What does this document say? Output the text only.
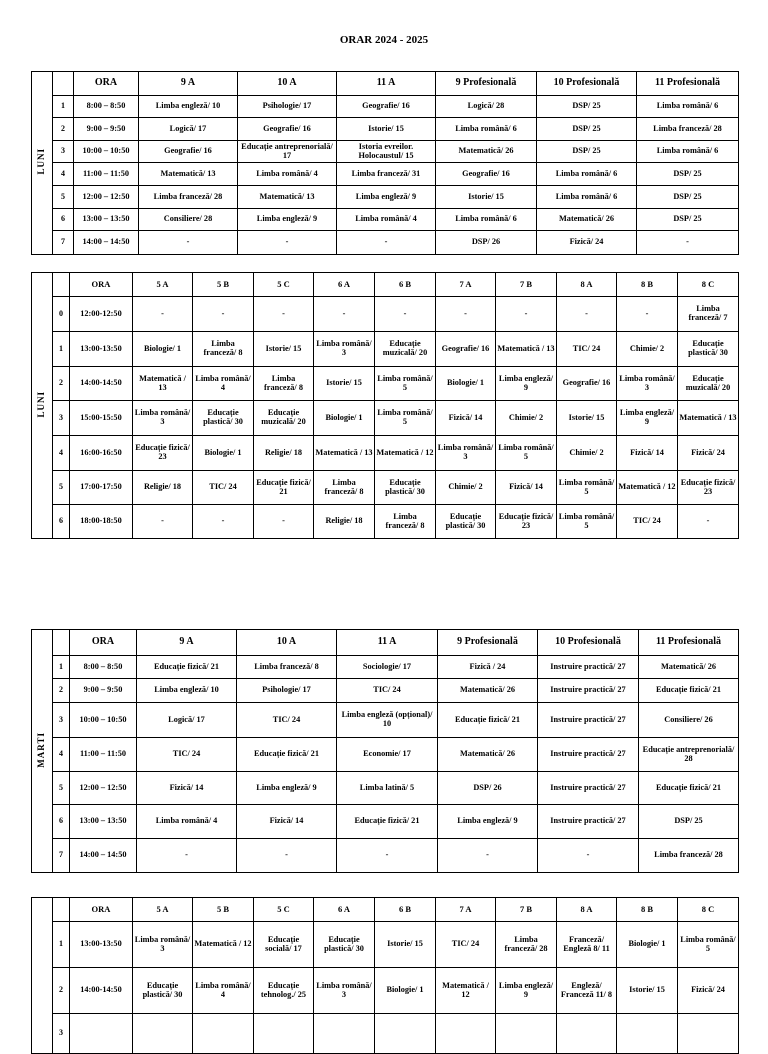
ORAR 2024 - 2025
LUNI		ORA	9 A	10 A	11 A	9 Profesională	10 Profesională	11 Profesională
	1	8:00 – 8:50	Limba engleză/ 10	Psihologie/ 17	Geografie/ 16	Logică/ 28	DSP/ 25	Limba română/ 6
	2	9:00 – 9:50	Logică/ 17	Geografie/ 16	Istorie/ 15	Limba română/ 6	DSP/ 25	Limba franceză/ 28
	3	10:00 – 10:50	Geografie/ 16	Educație antreprenorială/ 17	Istoria evreilor. Holocaustul/ 15	Matematică/ 26	DSP/ 25	Limba română/ 6
	4	11:00 – 11:50	Matematică/ 13	Limba română/ 4	Limba franceză/ 31	Geografie/ 16	Limba română/ 6	DSP/ 25
	5	12:00 – 12:50	Limba franceză/ 28	Matematică/ 13	Limba engleză/ 9	Istorie/ 15	Limba română/ 6	DSP/ 25
	6	13:00 – 13:50	Consiliere/ 28	Limba engleză/ 9	Limba română/ 4	Limba română/ 6	Matematică/ 26	DSP/ 25
	7	14:00 – 14:50	-	-	-	DSP/ 26	Fizică/ 24	-
LUNI		ORA	5 A	5 B	5 C	6 A	6 B	7 A	7 B	8 A	8 B	8 C
	0	12:00-12:50	-	-	-	-	-	-	-	-	-	Limba franceză/ 7
	1	13:00-13:50	Biologie/ 1	Limba franceză/ 8	Istorie/ 15	Limba română/ 3	Educație muzicală/ 20	Geografie/ 16	Matematică / 13	TIC/ 24	Chimie/ 2	Educație plastică/ 30
	2	14:00-14:50	Matematică / 13	Limba română/ 4	Limba franceză/ 8	Istorie/ 15	Limba română/ 5	Biologie/ 1	Limba engleză/ 9	Geografie/ 16	Limba română/ 3	Educație muzicală/ 20
	3	15:00-15:50	Limba română/ 3	Educație plastică/ 30	Educație muzicală/ 20	Biologie/ 1	Limba română/ 5	Fizică/ 14	Chimie/ 2	Istorie/ 15	Limba engleză/ 9	Matematică / 13
	4	16:00-16:50	Educație fizică/ 23	Biologie/ 1	Religie/ 18	Matematică / 13	Matematică / 12	Limba română/ 3	Limba română/ 5	Chimie/ 2	Fizică/ 14	Fizică/ 24
	5	17:00-17:50	Religie/ 18	TIC/ 24	Educație fizică/ 21	Limba franceză/ 8	Educație plastică/ 30	Chimie/ 2	Fizică/ 14	Limba română/ 5	Matematică / 12	Educație fizică/ 23
	6	18:00-18:50	-	-	-	Religie/ 18	Limba franceză/ 8	Educație plastică/ 30	Educație fizică/ 23	Limba română/ 5	TIC/ 24	-
MARTI		ORA	9 A	10 A	11 A	9 Profesională	10 Profesională	11 Profesională
	1	8:00 – 8:50	Educație fizică/ 21	Limba franceză/ 8	Sociologie/ 17	Fizică / 24	Instruire practică/ 27	Matematică/ 26
	2	9:00 – 9:50	Limba engleză/ 10	Psihologie/ 17	TIC/ 24	Matematică/ 26	Instruire practică/ 27	Educație fizică/ 21
	3	10:00 – 10:50	Logică/ 17	TIC/ 24	Limba engleză (opțional)/ 10	Educație fizică/ 21	Instruire practică/ 27	Consiliere/ 26
	4	11:00 – 11:50	TIC/ 24	Educație fizică/ 21	Economie/ 17	Matematică/ 26	Instruire practică/ 27	Educație antreprenorială/ 28
	5	12:00 – 12:50	Fizică/ 14	Limba engleză/ 9	Limba latină/ 5	DSP/ 26	Instruire practică/ 27	Educație fizică/ 21
	6	13:00 – 13:50	Limba română/ 4	Fizică/ 14	Educație fizică/ 21	Limba engleză/ 9	Instruire practică/ 27	DSP/ 25
	7	14:00 – 14:50	-	-	-	-	-	Limba franceză/ 28
		ORA	5 A	5 B	5 C	6 A	6 B	7 A	7 B	8 A	8 B	8 C
	1	13:00-13:50	Limba română/ 3	Matematică / 12	Educație socială/ 17	Educație plastică/ 30	Istorie/ 15	TIC/ 24	Limba franceză/ 28	Franceză/ Engleză 8/ 11	Biologie/ 1	Limba română/ 5
	2	14:00-14:50	Educație plastică/ 30	Limba română/ 4	Educație tehnolog./ 25	Limba română/ 3	Biologie/ 1	Matematică / 12	Limba engleză/ 9	Engleză/ Franceză 11/ 8	Istorie/ 15	Fizică/ 24
	3											
